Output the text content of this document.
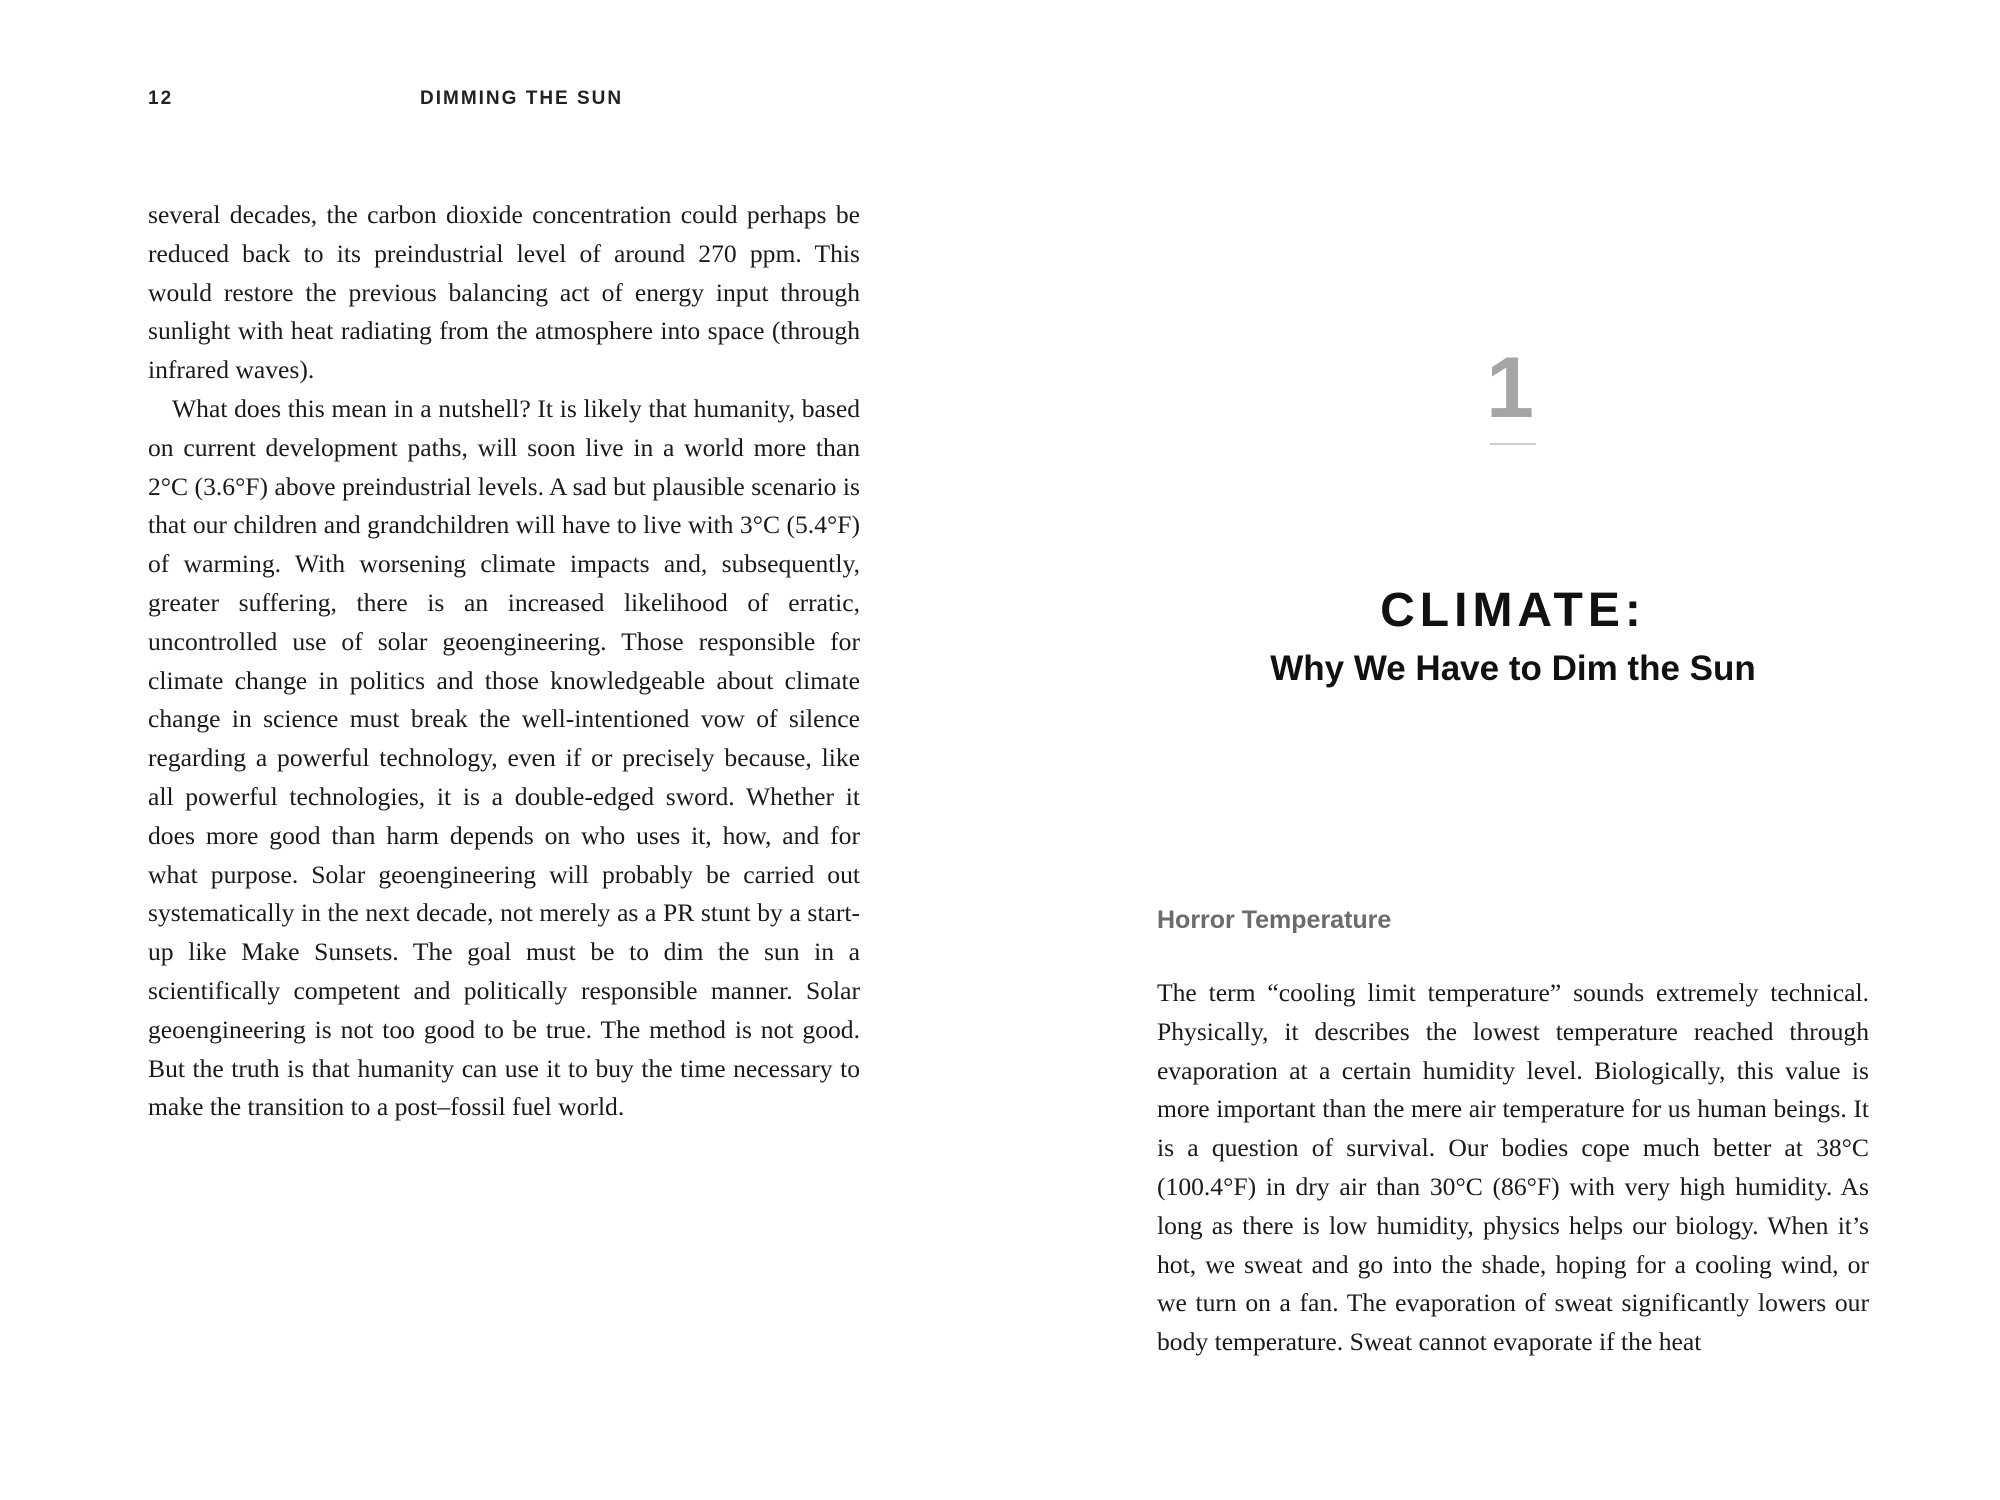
12	DIMMING THE SUN

several decades, the carbon dioxide concentration could perhaps be reduced back to its preindustrial level of around 270 ppm. This would restore the previous balancing act of energy input through sunlight with heat radiating from the atmosphere into space (through infrared waves).

What does this mean in a nutshell? It is likely that humanity, based on current development paths, will soon live in a world more than 2°C (3.6°F) above preindustrial levels. A sad but plausible scenario is that our children and grandchildren will have to live with 3°C (5.4°F) of warming. With worsening climate impacts and, subsequently, greater suffering, there is an increased likelihood of erratic, uncontrolled use of solar geoengineering. Those responsible for climate change in politics and those knowledgeable about climate change in science must break the well-intentioned vow of silence regarding a powerful technology, even if or precisely because, like all powerful technologies, it is a double-edged sword. Whether it does more good than harm depends on who uses it, how, and for what purpose. Solar geoengineering will probably be carried out systematically in the next decade, not merely as a PR stunt by a start-up like Make Sunsets. The goal must be to dim the sun in a scientifically competent and politically responsible manner. Solar geoengineering is not too good to be true. The method is not good. But the truth is that humanity can use it to buy the time necessary to make the transition to a post–fossil fuel world.

1
CLIMATE:
Why We Have to Dim the Sun
Horror Temperature

The term “cooling limit temperature” sounds extremely technical. Physically, it describes the lowest temperature reached through evaporation at a certain humidity level. Biologically, this value is more important than the mere air temperature for us human beings. It is a question of survival. Our bodies cope much better at 38°C (100.4°F) in dry air than 30°C (86°F) with very high humidity. As long as there is low humidity, physics helps our biology. When it’s hot, we sweat and go into the shade, hoping for a cooling wind, or we turn on a fan. The evaporation of sweat significantly lowers our body temperature. Sweat cannot evaporate if the heat
